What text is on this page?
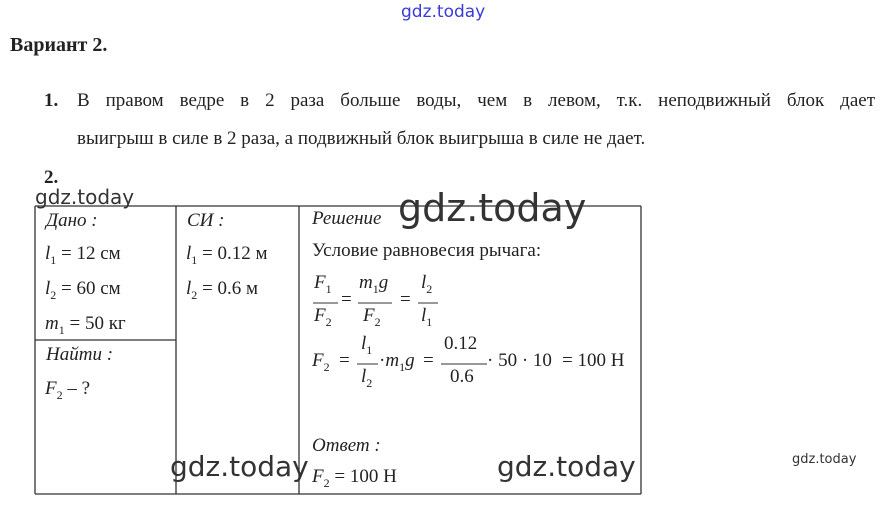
gdz.today
Вариант 2.
1. В правом ведре в 2 раза больше воды, чем в левом, т.к. неподвижный блок дает
выигрыш в силе в 2 раза, а подвижный блок выигрыша в силе не дает.
2.
Дано :
$l_1 = 12$ см
$l_2 = 60$ см
$m_1 = 50$ кг
Найти :
$F_2$ – ?
СИ :
$l_1 = 0.12$ м
$l_2 = 0.6$ м
Решение
Условие равновесия рычага:
$F_1$
$F_2$
=
$m_1g$
$F_2$
=
$l_2$
$l_1$
$F_2$ =
$l_1$
$l_2$
$\cdot m_1g$ =
0.12
0.6
· 50 · 10 = 100 Н
Ответ :
$F_2 = 100$ Н
gdz.today	gdz.today
gdz.today	gdz.today	gdz.today
